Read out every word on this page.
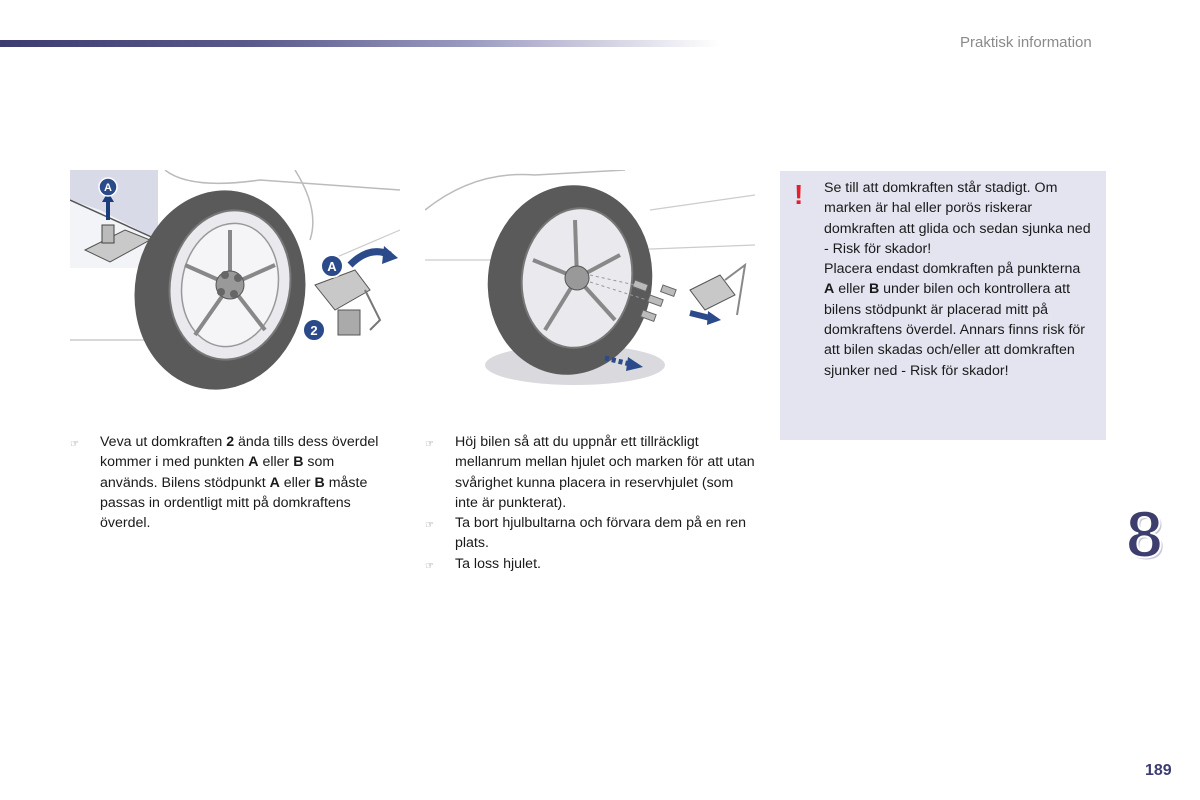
Praktisk information
A
A
2
! Se till att domkraften står stadigt. Om marken är hal eller porös riskerar domkraften att glida och sedan sjunka ned - Risk för skador!
Placera endast domkraften på punkterna A eller B under bilen och kontrollera att bilens stödpunkt är placerad mitt på domkraftens överdel. Annars finns risk för att bilen skadas och/eller att domkraften sjunker ned - Risk för skador!
☞ Veva ut domkraften 2 ända tills dess överdel kommer i med punkten A eller B som används. Bilens stödpunkt A eller B måste passas in ordentligt mitt på domkraftens överdel.
☞ Höj bilen så att du uppnår ett tillräckligt mellanrum mellan hjulet och marken för att utan svårighet kunna placera in reservhjulet (som inte är punkterat).
☞ Ta bort hjulbultarna och förvara dem på en ren plats.
☞ Ta loss hjulet.	8
189
